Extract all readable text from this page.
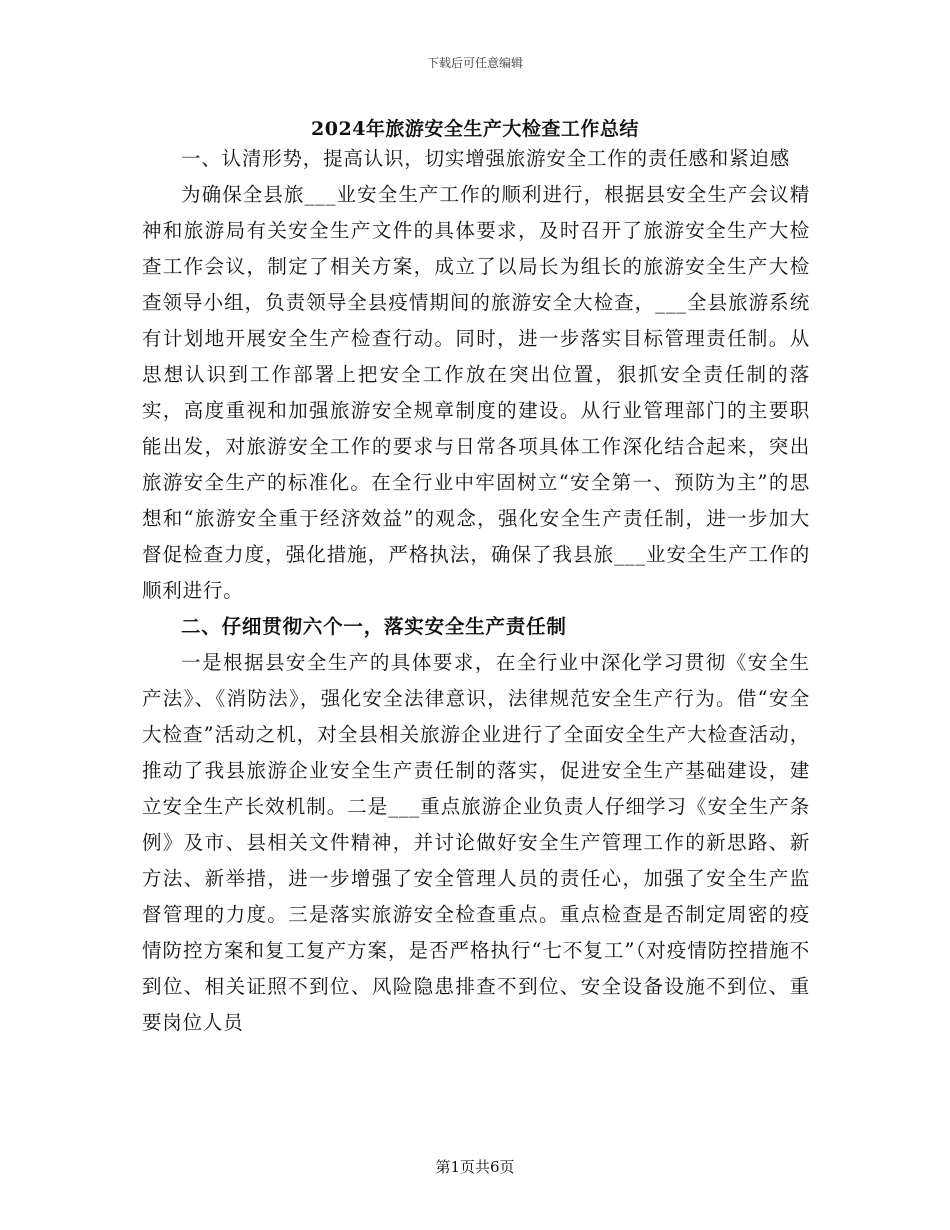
下载后可任意编辑
2024年旅游安全生产大检查工作总结

一、认清形势，提高认识，切实增强旅游安全工作的责任感和紧迫感

为确保全县旅___业安全生产工作的顺利进行，根据县安全生产会议精神和旅游局有关安全生产文件的具体要求，及时召开了旅游安全生产大检查工作会议，制定了相关方案，成立了以局长为组长的旅游安全生产大检查领导小组，负责领导全县疫情期间的旅游安全大检查，___全县旅游系统有计划地开展安全生产检查行动。同时，进一步落实目标管理责任制。从思想认识到工作部署上把安全工作放在突出位置，狠抓安全责任制的落实，高度重视和加强旅游安全规章制度的建设。从行业管理部门的主要职能出发，对旅游安全工作的要求与日常各项具体工作深化结合起来，突出旅游安全生产的标准化。在全行业中牢固树立“安全第一、预防为主”的思想和“旅游安全重于经济效益”的观念，强化安全生产责任制，进一步加大督促检查力度，强化措施，严格执法，确保了我县旅___业安全生产工作的顺利进行。

二、仔细贯彻六个一，落实安全生产责任制

一是根据县安全生产的具体要求，在全行业中深化学习贯彻《安全生产法》、《消防法》，强化安全法律意识，法律规范安全生产行为。借“安全大检查”活动之机，对全县相关旅游企业进行了全面安全生产大检查活动，推动了我县旅游企业安全生产责任制的落实，促进安全生产基础建设，建立安全生产长效机制。二是___重点旅游企业负责人仔细学习《安全生产条例》及市、县相关文件精神，并讨论做好安全生产管理工作的新思路、新方法、新举措，进一步增强了安全管理人员的责任心，加强了安全生产监督管理的力度。三是落实旅游安全检查重点。重点检查是否制定周密的疫情防控方案和复工复产方案，是否严格执行“七不复工”（对疫情防控措施不到位、相关证照不到位、风险隐患排查不到位、安全设备设施不到位、重要岗位人员

第1页共6页
